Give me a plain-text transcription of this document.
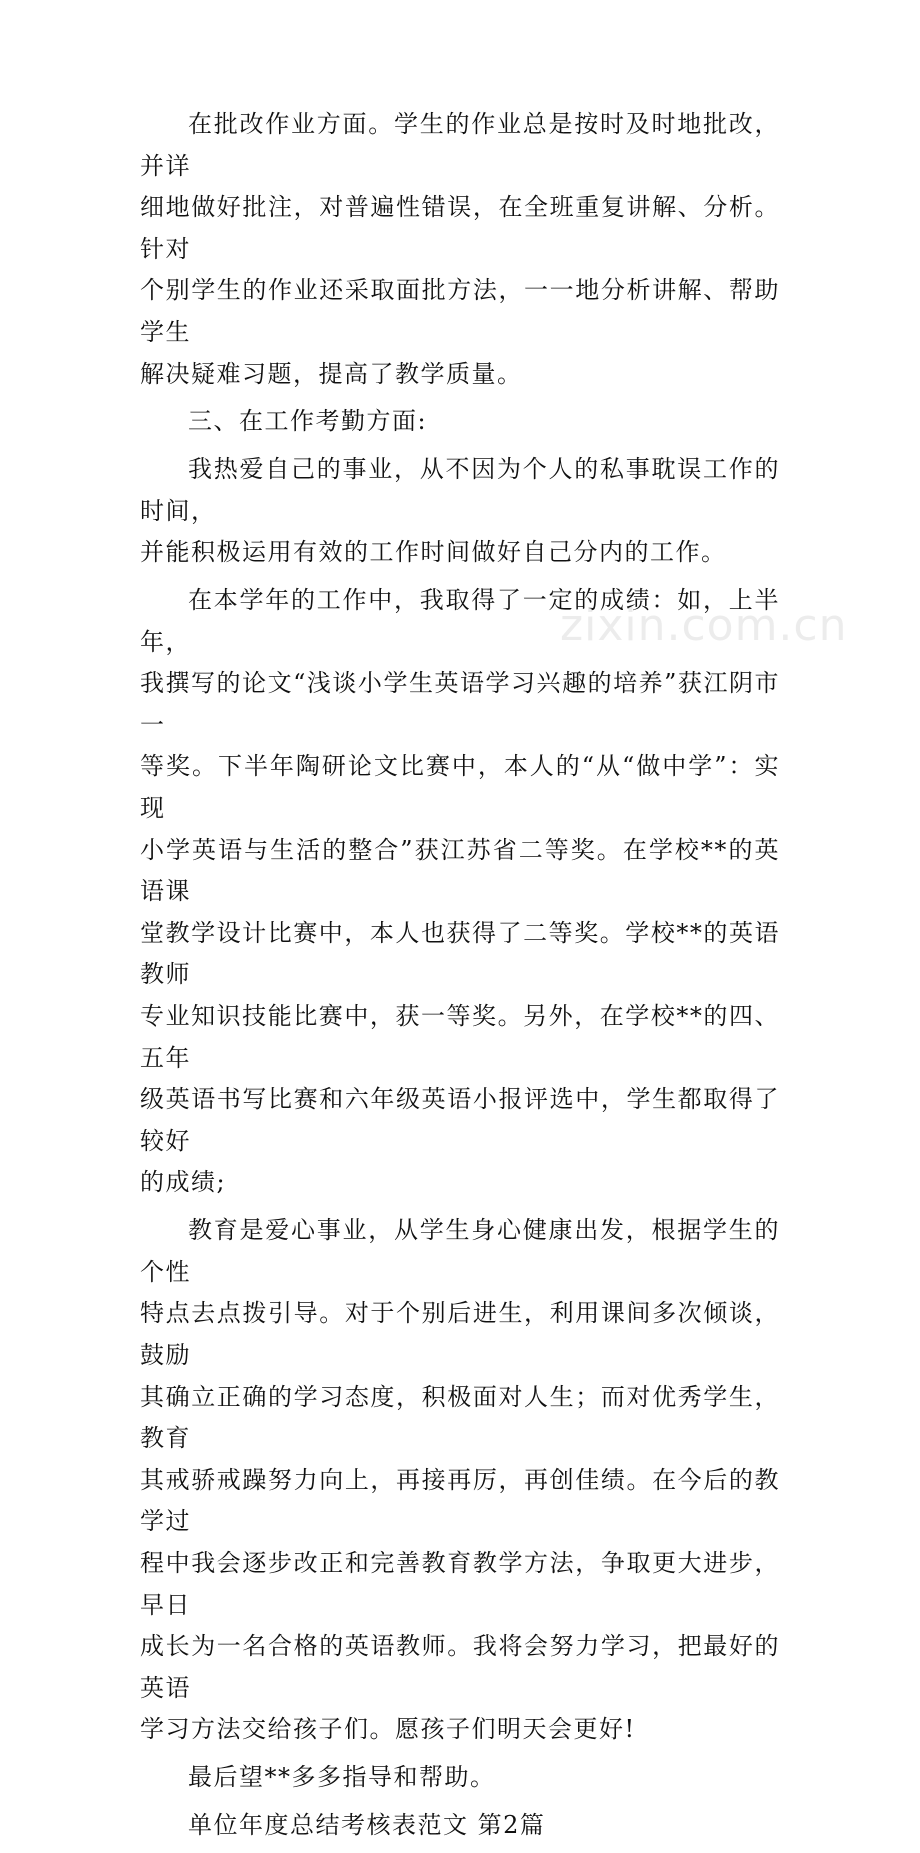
在批改作业方面。学生的作业总是按时及时地批改，并详
细地做好批注，对普遍性错误，在全班重复讲解、分析。针对
个别学生的作业还采取面批方法，一一地分析讲解、帮助学生
解决疑难习题，提高了教学质量。

三、在工作考勤方面:

我热爱自己的事业，从不因为个人的私事耽误工作的时间，
并能积极运用有效的工作时间做好自己分内的工作。

在本学年的工作中，我取得了一定的成绩：如，上半年，
我撰写的论文“浅谈小学生英语学习兴趣的培养”获江阴市一
等奖。下半年陶研论文比赛中，本人的“从“做中学”：实现
小学英语与生活的整合”获江苏省二等奖。在学校**的英语课
堂教学设计比赛中，本人也获得了二等奖。学校**的英语教师
专业知识技能比赛中，获一等奖。另外，在学校**的四、五年
级英语书写比赛和六年级英语小报评选中，学生都取得了较好
的成绩;

教育是爱心事业，从学生身心健康出发，根据学生的个性
特点去点拨引导。对于个别后进生，利用课间多次倾谈，鼓励
其确立正确的学习态度，积极面对人生；而对优秀学生，教育
其戒骄戒躁努力向上，再接再厉，再创佳绩。在今后的教学过
程中我会逐步改正和完善教育教学方法，争取更大进步，早日
成长为一名合格的英语教师。我将会努力学习，把最好的英语
学习方法交给孩子们。愿孩子们明天会更好!

最后望**多多指导和帮助。

单位年度总结考核表范文 第2篇

zixin.com.cn
